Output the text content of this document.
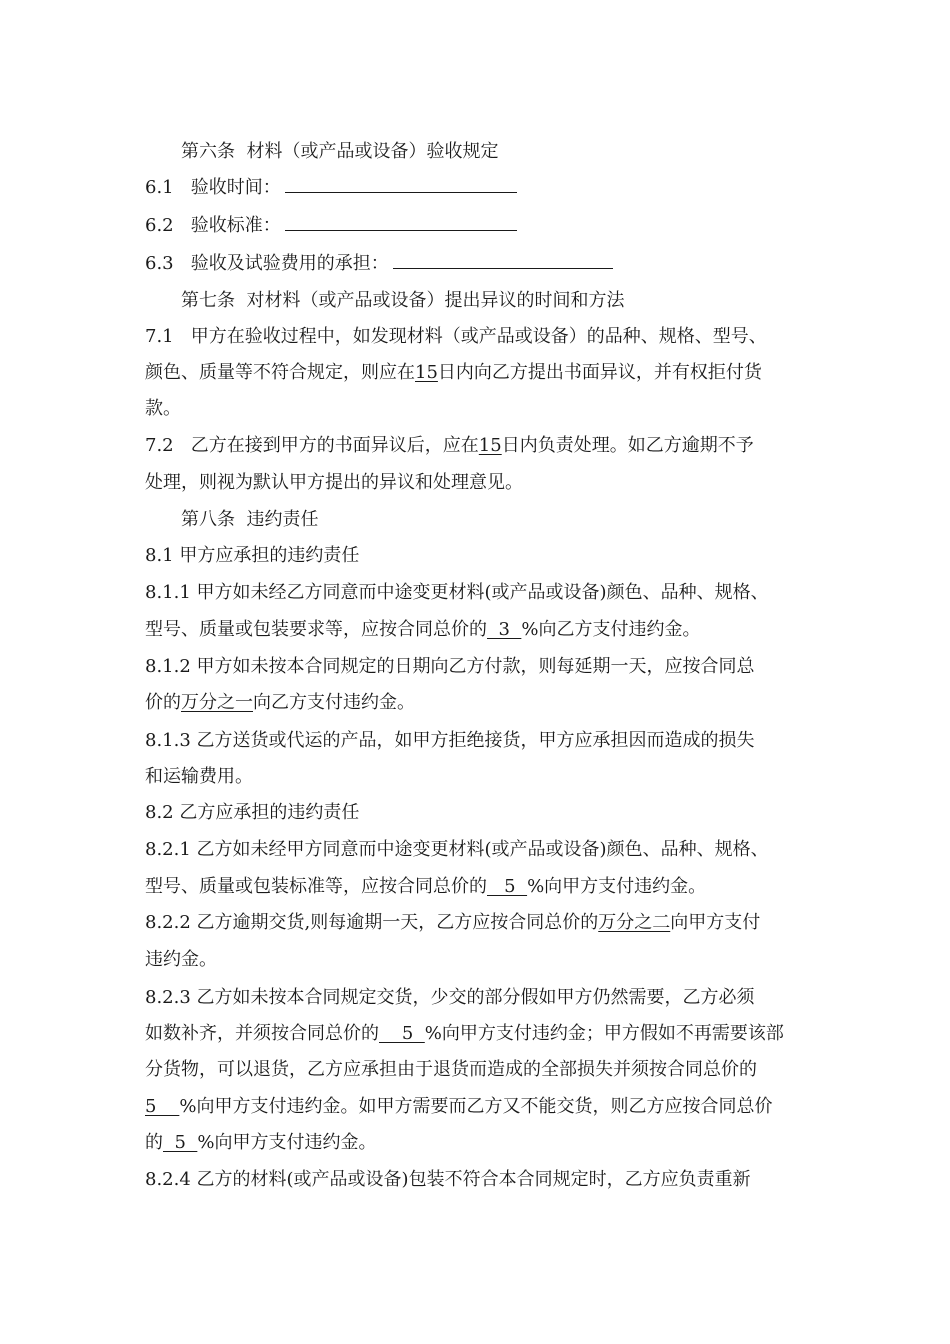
第六条  材料（或产品或设备）验收规定
6.1   验收时间：
6.2   验收标准：
6.3   验收及试验费用的承担：
第七条  对材料（或产品或设备）提出异议的时间和方法
7.1   甲方在验收过程中，如发现材料（或产品或设备）的品种、规格、型号、
颜色、质量等不符合规定，则应在15日内向乙方提出书面异议，并有权拒付货
款。
7.2   乙方在接到甲方的书面异议后，应在15日内负责处理。如乙方逾期不予
处理，则视为默认甲方提出的异议和处理意见。
第八条  违约责任
8.1 甲方应承担的违约责任
8.1.1 甲方如未经乙方同意而中途变更材料(或产品或设备)颜色、品种、规格、
型号、质量或包装要求等，应按合同总价的  3  %向乙方支付违约金。
8.1.2 甲方如未按本合同规定的日期向乙方付款，则每延期一天，应按合同总
价的万分之一向乙方支付违约金。
8.1.3 乙方送货或代运的产品，如甲方拒绝接货，甲方应承担因而造成的损失
和运输费用。
8.2 乙方应承担的违约责任
8.2.1 乙方如未经甲方同意而中途变更材料(或产品或设备)颜色、品种、规格、
型号、质量或包装标准等，应按合同总价的   5  %向甲方支付违约金。
8.2.2 乙方逾期交货,则每逾期一天，乙方应按合同总价的万分之二向甲方支付
违约金。
8.2.3 乙方如未按本合同规定交货，少交的部分假如甲方仍然需要，乙方必须
如数补齐，并须按合同总价的    5  %向甲方支付违约金；甲方假如不再需要该部
分货物，可以退货，乙方应承担由于退货而造成的全部损失并须按合同总价的
5    %向甲方支付违约金。如甲方需要而乙方又不能交货，则乙方应按合同总价
的  5  %向甲方支付违约金。
8.2.4 乙方的材料(或产品或设备)包装不符合本合同规定时，乙方应负责重新
